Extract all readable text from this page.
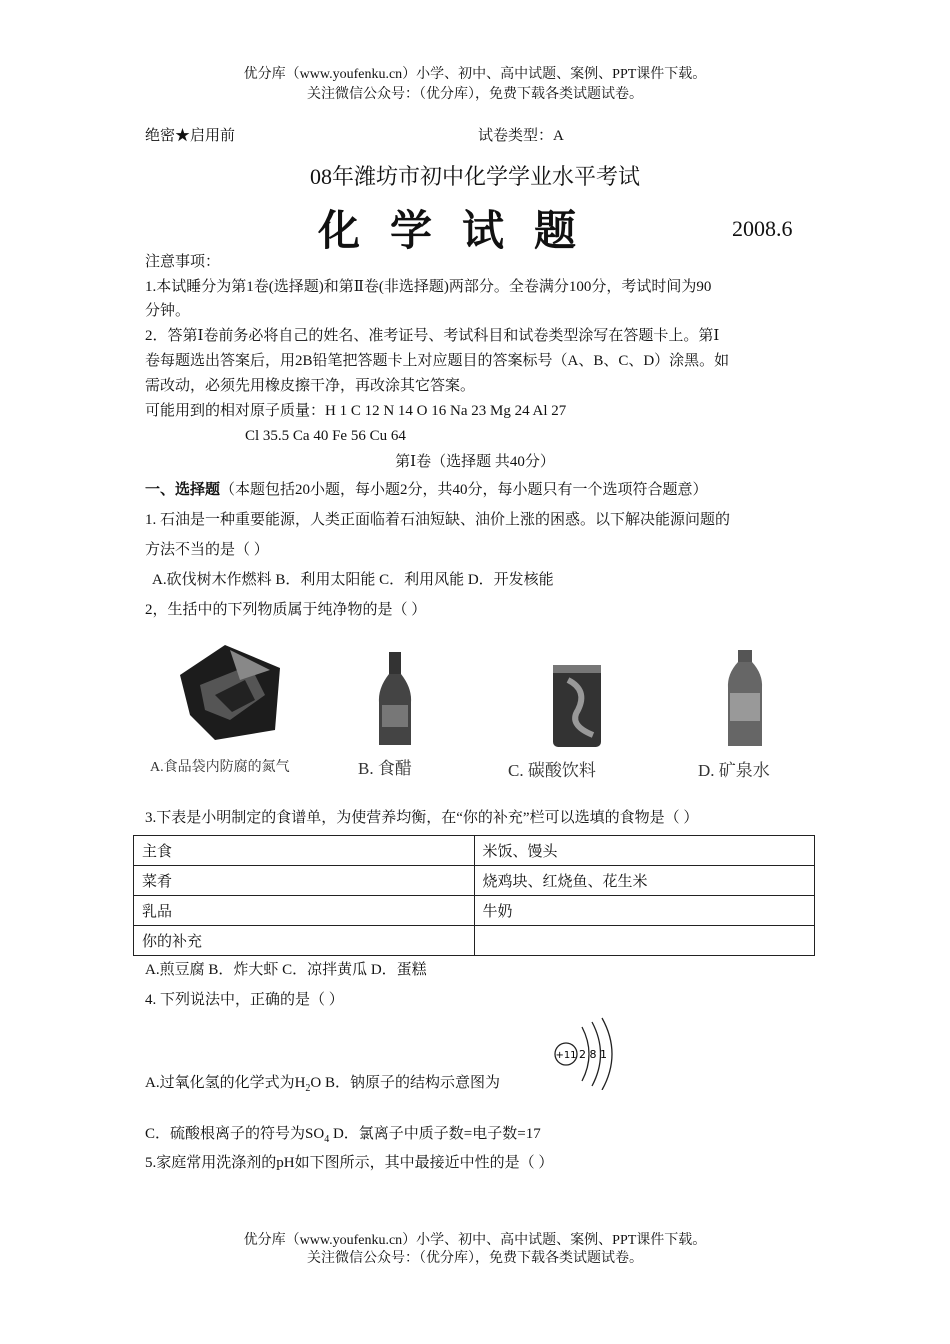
优分库（www.youfenku.cn）小学、初中、高中试题、案例、PPT课件下载。
关注微信公众号：（优分库），免费下载各类试题试卷。
绝密★启用前	试卷类型：A
08年潍坊市初中化学学业水平考试
化学试题	2008.6
注意事项：
1.本试睡分为第1卷(选择题)和第Ⅱ卷(非选择题)两部分。全卷满分100分，考试时间为90
分钟。
2．答第Ⅰ卷前务必将自己的姓名、准考证号、考试科目和试卷类型涂写在答题卡上。第Ⅰ
卷每题选出答案后，用2B铅笔把答题卡上对应题目的答案标号（A、B、C、D）涂黑。如
需改动，必须先用橡皮擦干净，再改涂其它答案。
可能用到的相对原子质量：H 1 C 12 N 14 O 16 Na 23 Mg 24 Al 27
Cl 35.5 Ca 40 Fe 56 Cu 64
第Ⅰ卷（选择题 共40分）
一、选择题（本题包括20小题，每小题2分，共40分，每小题只有一个选项符合题意）
1. 石油是一种重要能源，人类正面临着石油短缺、油价上涨的困惑。以下解决能源问题的
方法不当的是（ ）
A.砍伐树木作燃料 B．利用太阳能 C．利用风能 D．开发核能
2，生括中的下列物质属于纯净物的是（ ）
A.食品袋内防腐的氮气	B. 食醋	C. 碳酸饮料	D. 矿泉水
3.下表是小明制定的食谱单，为使营养均衡，在“你的补充”栏可以选填的食物是（ ）
主食	米饭、馒头
菜肴	烧鸡块、红烧鱼、花生米
乳品	牛奶
你的补充	
A.煎豆腐 B．炸大虾 C．凉拌黄瓜 D．蛋糕
4. 下列说法中，正确的是（ ）
+11 2 8 1
A.过氧化氢的化学式为$H_2O$ B．钠原子的结构示意图为
C．硫酸根离子的符号为$SO_4$ D．氯离子中质子数=电子数=17
5.家庭常用洗涤剂的pH如下图所示，其中最接近中性的是（ ）
优分库（www.youfenku.cn）小学、初中、高中试题、案例、PPT课件下载。
关注微信公众号：（优分库），免费下载各类试题试卷。
